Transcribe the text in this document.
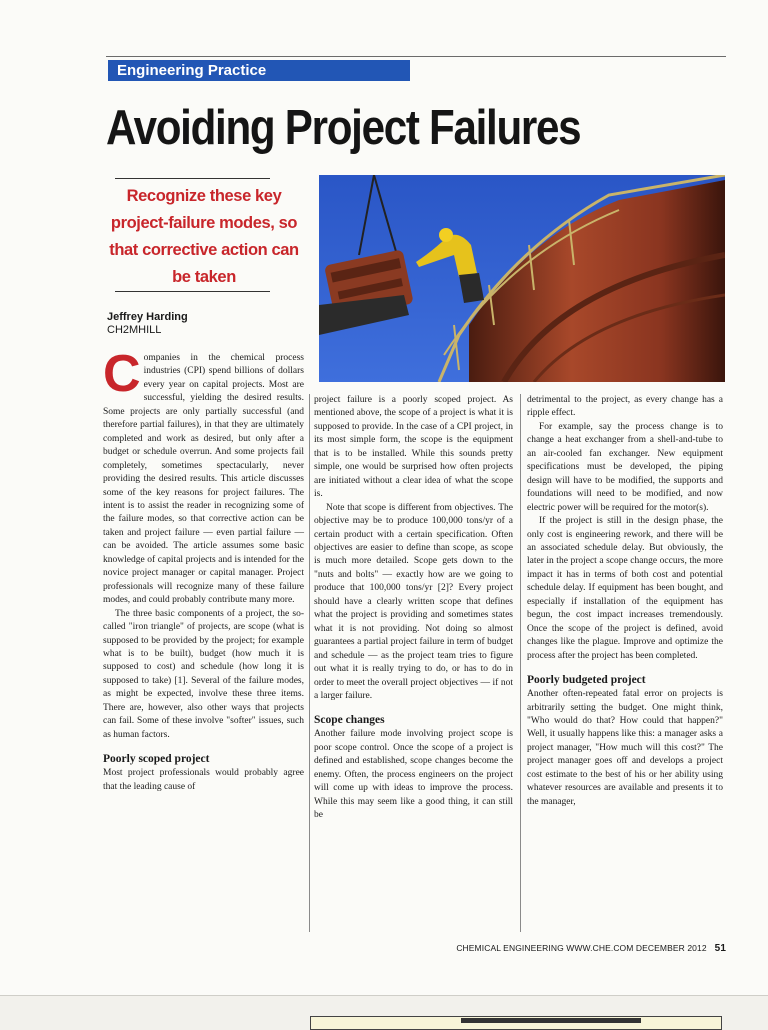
Engineering Practice
Avoiding Project Failures
Recognize these key project-failure modes, so that corrective action can be taken
Jeffrey Harding
CH2MHILL

Companies in the chemical process industries (CPI) spend billions of dollars every year on capital projects. Most are successful, yielding the desired results. Some projects are only partially successful (and therefore partial failures), in that they are ultimately completed and work as desired, but only after a budget or schedule overrun. And some projects fail completely, sometimes spectacularly, never providing the desired results. This article discusses some of the key reasons for project failures. The intent is to assist the reader in recognizing some of the failure modes, so that corrective action can be taken and project failure — even partial failure — can be avoided. The article assumes some basic knowledge of capital projects and is intended for the novice project manager or capital manager. Project professionals will recognize many of these failure modes, and could probably contribute many more.

The three basic components of a project, the so-called "iron triangle" of projects, are scope (what is supposed to be provided by the project; for example what is to be built), budget (how much it is supposed to cost) and schedule (how long it is supposed to take) [1]. Several of the failure modes, as might be expected, involve these three items. There are, however, also other ways that projects can fail. Some of these involve "softer" issues, such as human factors.

Poorly scoped project

Most project professionals would probably agree that the leading cause of

project failure is a poorly scoped project. As mentioned above, the scope of a project is what it is supposed to provide. In the case of a CPI project, in its most simple form, the scope is the equipment that is to be installed. While this sounds pretty simple, one would be surprised how often projects are initiated without a clear idea of what the scope is.

Note that scope is different from objectives. The objective may be to produce 100,000 tons/yr of a certain product with a certain specification. Often objectives are easier to define than scope, as scope is much more detailed. Scope gets down to the "nuts and bolts" — exactly how are we going to produce that 100,000 tons/yr [2]? Every project should have a clearly written scope that defines what the project is providing and sometimes states what it is not providing. Not doing so almost guarantees a partial project failure in term of budget and schedule — as the project team tries to figure out what it is really trying to do, or has to do in order to meet the overall project objectives — if not a larger failure.

Scope changes

Another failure mode involving project scope is poor scope control. Once the scope of a project is defined and established, scope changes become the enemy. Often, the process engineers on the project will come up with ideas to improve the process. While this may seem like a good thing, it can still be

detrimental to the project, as every change has a ripple effect.

For example, say the process change is to change a heat exchanger from a shell-and-tube to an air-cooled fan exchanger. New equipment specifications must be developed, the piping design will have to be modified, the supports and foundations will need to be modified, and now electric power will be required for the motor(s).

If the project is still in the design phase, the only cost is engineering rework, and there will be an associated schedule delay. But obviously, the later in the project a scope change occurs, the more impact it has in terms of both cost and potential schedule delay. If equipment has been bought, and especially if installation of the equipment has begun, the cost impact increases tremendously. Once the scope of the project is defined, avoid changes like the plague. Improve and optimize the process after the project has been completed.

Poorly budgeted project

Another often-repeated fatal error on projects is arbitrarily setting the budget. One might think, "Who would do that? How could that happen?" Well, it usually happens like this: a manager asks a project manager, "How much will this cost?" The project manager goes off and develops a project cost estimate to the best of his or her ability using whatever resources are available and presents it to the manager,

CHEMICAL ENGINEERING WWW.CHE.COM DECEMBER 2012 51
